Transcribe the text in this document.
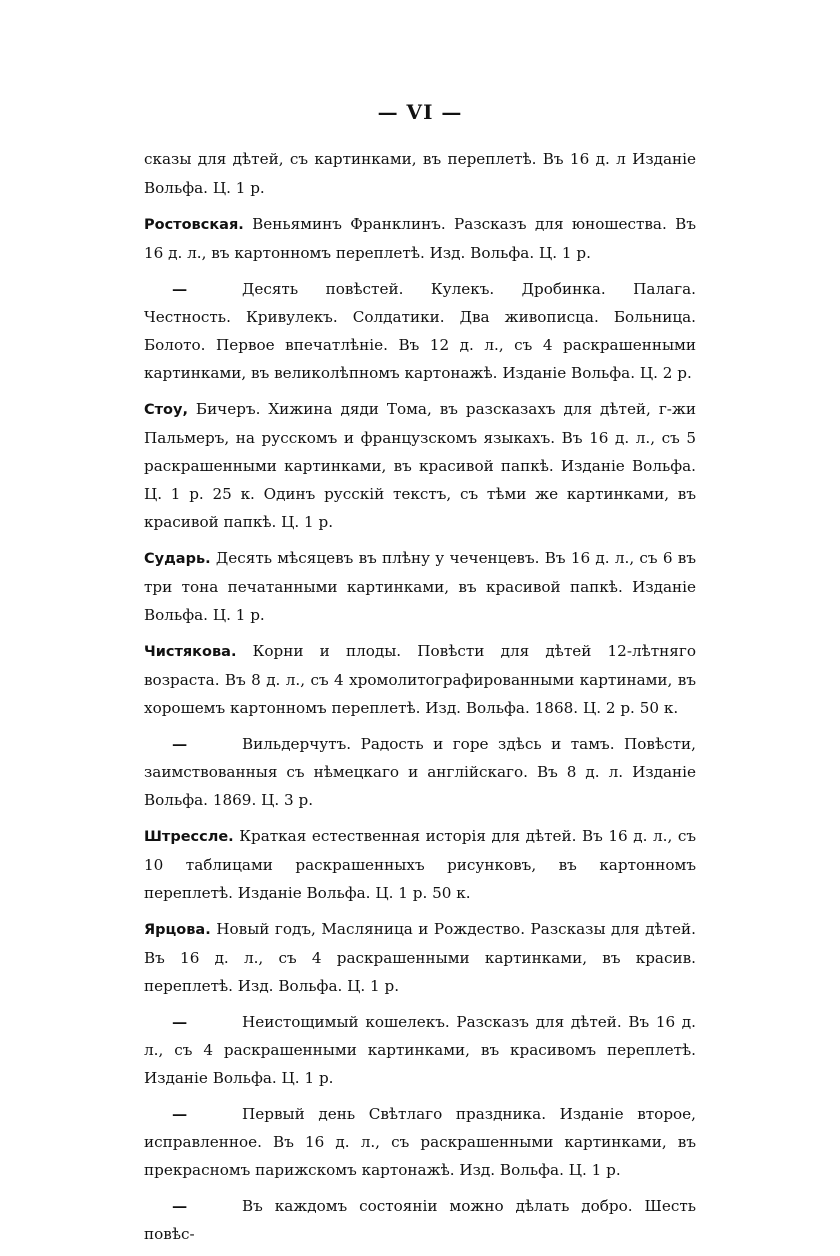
— VI —

сказы для дѣтей, съ картинками, въ переплетѣ. Въ 16 д. л Изданіе Вольфа. Ц. 1 р.

Ростовская. Веньяминъ Франклинъ. Разсказъ для юношества. Въ 16 д. л., въ картонномъ переплетѣ. Изд. Вольфа. Ц. 1 р.

—	Десять повѣстей. Кулекъ. Дробинка. Палага. Честность. Кривулекъ. Солдатики. Два живописца. Больница. Болото. Первое впечатлѣніе. Въ 12 д. л., съ 4 раскрашенными картинками, въ великолѣпномъ картонажѣ. Изданіе Вольфа. Ц. 2 р.

Стоу, Бичеръ. Хижина дяди Тома, въ разсказахъ для дѣтей, г-жи Пальмеръ, на русскомъ и французскомъ языкахъ. Въ 16 д. л., съ 5 раскрашенными картинками, въ красивой папкѣ. Изданіе Вольфа. Ц. 1 р. 25 к. Одинъ русскій текстъ, съ тѣми же картинками, въ красивой папкѣ. Ц. 1 р.

Сударь. Десять мѣсяцевъ въ плѣну у чеченцевъ. Въ 16 д. л., съ 6 въ три тона печатанными картинками, въ красивой папкѣ. Изданіе Вольфа. Ц. 1 р.

Чистякова. Корни и плоды. Повѣсти для дѣтей 12-лѣтняго возраста. Въ 8 д. л., съ 4 хромолитографированными картинами, въ хорошемъ картонномъ переплетѣ. Изд. Вольфа. 1868. Ц. 2 р. 50 к.

—	Вильдерчутъ. Радость и горе здѣсь и тамъ. Повѣсти, заимствованныя съ нѣмецкаго и англійскаго. Въ 8 д. л. Изданіе Вольфа. 1869. Ц. 3 р.

Штрессле. Краткая естественная исторія для дѣтей. Въ 16 д. л., съ 10 таблицами раскрашенныхъ рисунковъ, въ картонномъ переплетѣ. Изданіе Вольфа. Ц. 1 р. 50 к.

Ярцова. Новый годъ, Масляница и Рождество. Разсказы для дѣтей. Въ 16 д. л., съ 4 раскрашенными картинками, въ красив. переплетѣ. Изд. Вольфа. Ц. 1 р.

—	Неистощимый кошелекъ. Разсказъ для дѣтей. Въ 16 д. л., съ 4 раскрашенными картинками, въ красивомъ переплетѣ. Изданіе Вольфа. Ц. 1 р.

—	Первый день Свѣтлаго праздника. Изданіе второе, исправленное. Въ 16 д. л., съ раскрашенными картинками, въ прекрасномъ парижскомъ картонажѣ. Изд. Вольфа. Ц. 1 р.

—	Въ каждомъ состояніи можно дѣлать добро. Шесть повѣс-
